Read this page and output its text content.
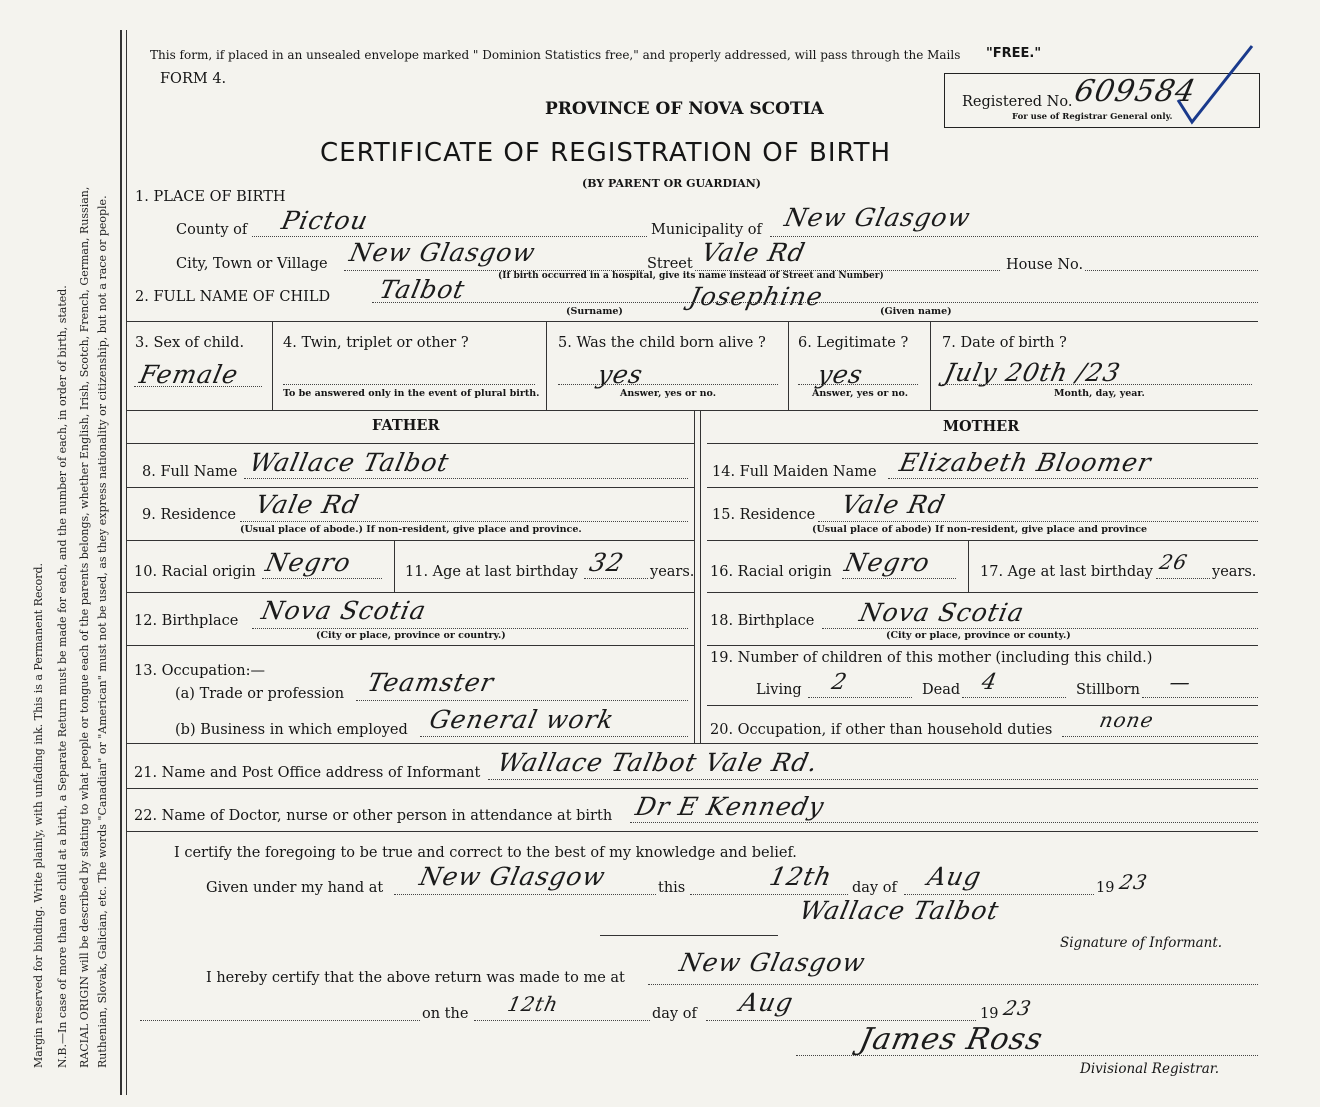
Margin reserved for binding. Write plainly, with unfading ink. This is a Permanent Record. N.B.—In case of more than one child at a birth, a Separate Return must be made for each, and the number of each, in order of birth, stated. RACIAL ORIGIN will be described by stating to what people or tongue each of the parents belongs, whether English, Irish, Scotch, French, German, Russian, Ruthenian, Slovak, Galician, etc. The words "Canadian" or "American" must not be used, as they express nationality or citizenship, but not a race or people.
This form, if placed in an unsealed envelope marked " Dominion Statistics free," and properly addressed, will pass through the Mails "FREE."
FORM 4.
PROVINCE OF NOVA SCOTIA
CERTIFICATE OF REGISTRATION OF BIRTH
(BY PARENT OR GUARDIAN)
Registered No.
609584
For use of Registrar General only.
1. PLACE OF BIRTH
County of Pictou	Municipality of New Glasgow
City, Town or Village New Glasgow	Street Vale Rd	House No.
(If birth occurred in a hospital, give its name instead of Street and Number)
2. FULL NAME OF CHILD Talbot	Josephine
(Surname)	(Given name)
3. Sex of child.
Female
4. Twin, triplet or other ?
To be answered only in the event of plural birth.
5. Was the child born alive ?
yes
Answer, yes or no.
6. Legitimate ?
yes
Answer, yes or no.
7. Date of birth ?
July 20th /23
Month, day, year.
FATHER	MOTHER
8. Full Name Wallace Talbot
9. Residence Vale Rd
(Usual place of abode.) If non-resident, give place and province.
10. Racial origin Negro	11. Age at last birthday 32 years.
12. Birthplace Nova Scotia
(City or place, province or country.)
13. Occupation:—
(a) Trade or profession Teamster
(b) Business in which employed General work
14. Full Maiden Name Elizabeth Bloomer
15. Residence Vale Rd
(Usual place of abode) If non-resident, give place and province
16. Racial origin Negro	17. Age at last birthday 26 years.
18. Birthplace Nova Scotia
(City or place, province or county.)
19. Number of children of this mother (including this child.)
Living 2	Dead 4	Stillborn —
20. Occupation, if other than household duties none
21. Name and Post Office address of Informant Wallace Talbot Vale Rd.
22. Name of Doctor, nurse or other person in attendance at birth Dr E Kennedy
I certify the foregoing to be true and correct to the best of my knowledge and belief.
Given under my hand at New Glasgow	this	12th day of Aug	19 23
Wallace Talbot
Signature of Informant.
I hereby certify that the above return was made to me at
New Glasgow
on the 12th	day of Aug	19 23
James Ross
Divisional Registrar.
